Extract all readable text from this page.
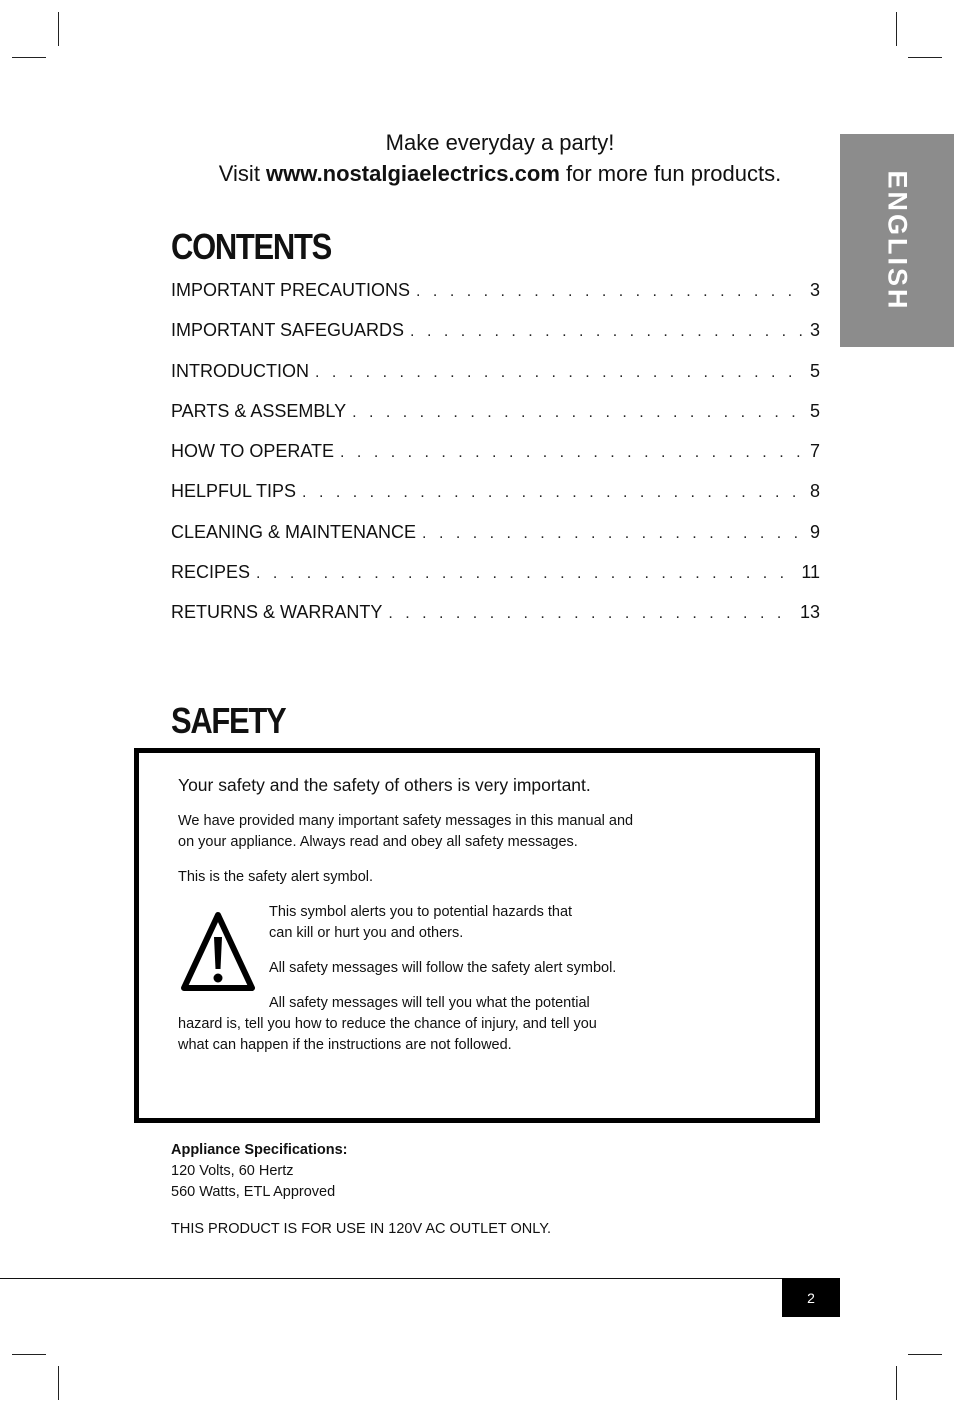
ENGLISH

Make everyday a party!

Visit www.nostalgiaelectrics.com for more fun products.

CONTENTS
IMPORTANT PRECAUTIONS . . .	3
IMPORTANT SAFEGUARDS . . .	3
INTRODUCTION . . .	5
PARTS & ASSEMBLY . . .	5
HOW TO OPERATE . . .	7
HELPFUL TIPS . . .	8
CLEANING & MAINTENANCE . . .	9
RECIPES . . .	11
RETURNS & WARRANTY . . .	13
SAFETY

Your safety and the safety of others is very important.

We have provided many important safety messages in this manual and
on your appliance. Always read and obey all safety messages.

This is the safety alert symbol.

This symbol alerts you to potential hazards that
can kill or hurt you and others.

All safety messages will follow the safety alert symbol.

All safety messages will tell you what the potential
hazard is, tell you how to reduce the chance of injury, and tell you
what can happen if the instructions are not followed.

Appliance Specifications:
120 Volts, 60 Hertz
560 Watts, ETL Approved

THIS PRODUCT IS FOR USE IN 120V AC OUTLET ONLY.

2
